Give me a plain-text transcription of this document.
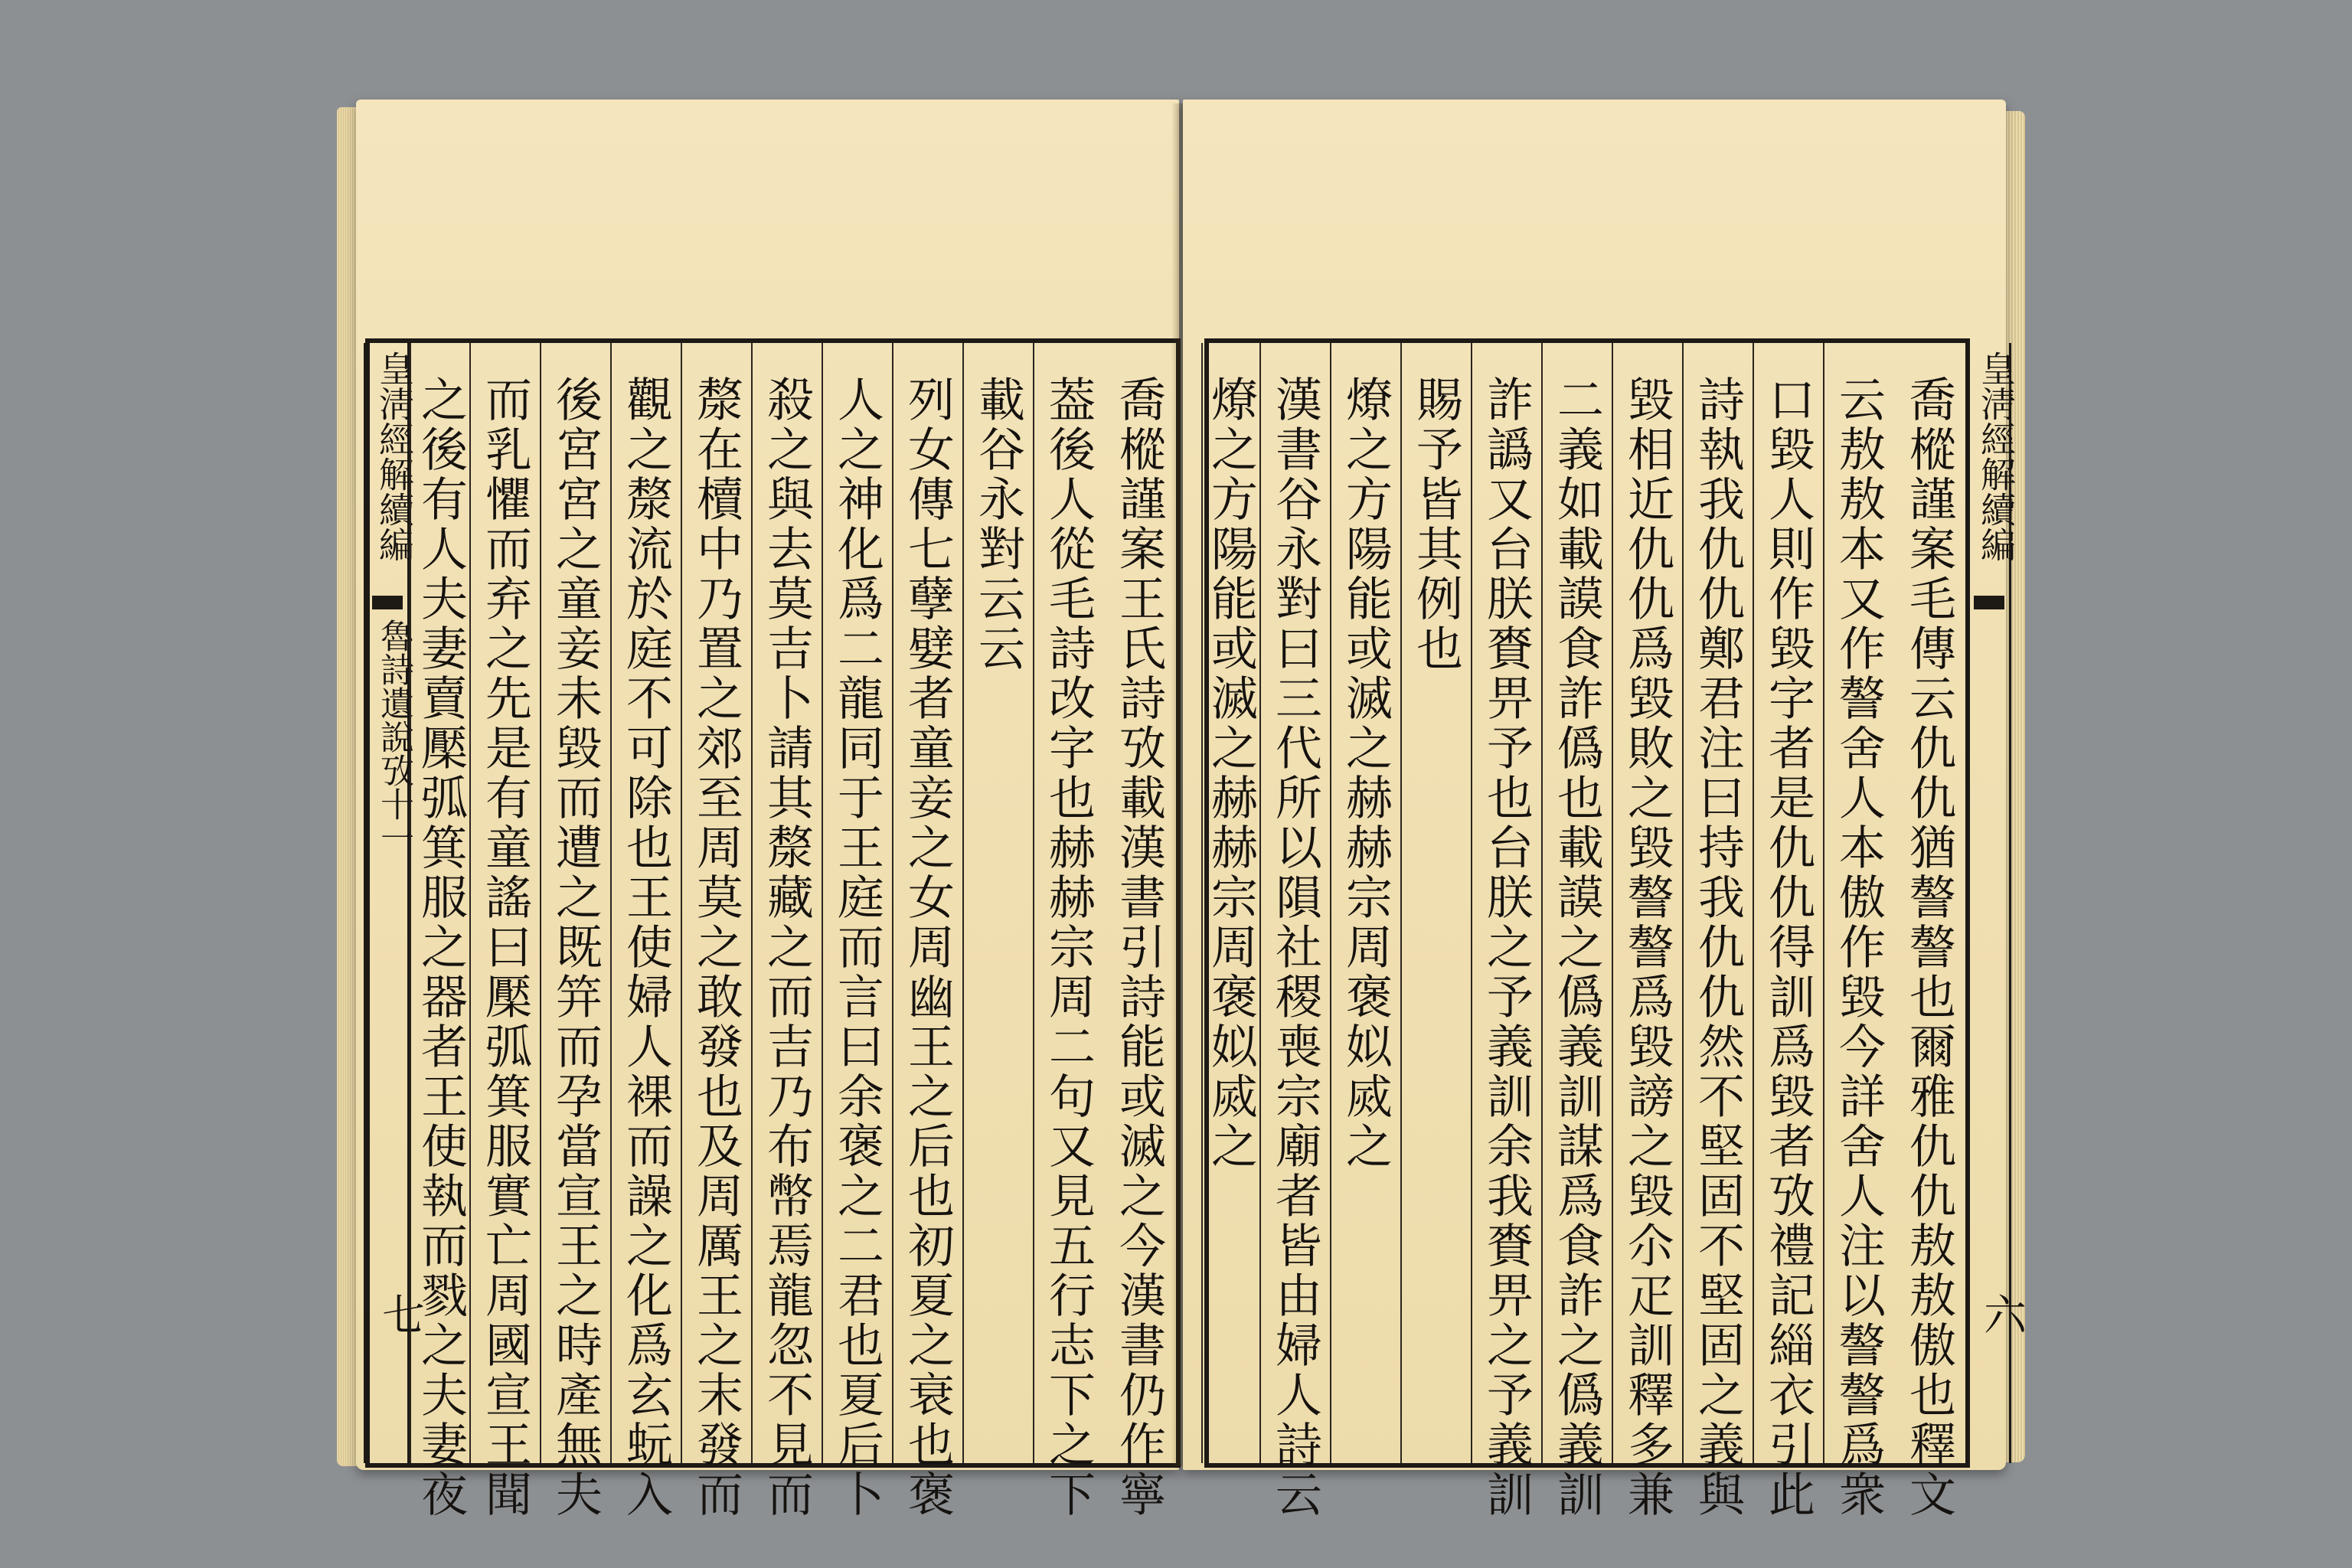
皇淸經解續編
魯詩遺說攷十一
七	喬樅謹案王氏詩攷載漢書引詩能或滅之今漢書仍作寧
葢後人從毛詩改字也赫赫宗周二句又見五行志下之下
載谷永對云云
列女傳七孽嬖者童妾之女周幽王之后也初夏之衰也褒
人之神化爲二龍同于王庭而言曰余褒之二君也夏后卜
殺之與去莫吉卜請其漦藏之而吉乃布幣焉龍忽不見而
漦在櫝中乃置之郊至周莫之敢發也及周厲王之末發而
觀之漦流於庭不可除也王使婦人裸而譟之化爲玄蚖入
後宮宮之童妾未毀而遭之既笄而孕當宣王之時產無夫
而乳懼而弃之先是有童謠曰檿弧箕服實亡周國宣王聞
之後有人夫妻賣檿弧箕服之器者王使執而戮之夫妻夜	喬樅謹案毛傳云仇仇猶謷謷也爾雅仇仇敖敖傲也釋文
云敖敖本又作謷舍人本傲作毀今詳舍人注以謷謷爲衆
口毀人則作毀字者是仇仇得訓爲毀者攷禮記緇衣引此
詩執我仇仇鄭君注曰持我仇仇然不堅固不堅固之義與
毀相近仇仇爲毀敗之毀謷謷爲毀謗之毀尒疋訓釋多兼
二義如載謨食詐僞也載謨之僞義訓謀爲食詐之僞義訓
詐譌又台朕賚畀予也台朕之予義訓余我賚畀之予義訓
賜予皆其例也
燎之方陽能或滅之赫赫宗周褒姒烕之
漢書谷永對曰三代所以隕社稷喪宗廟者皆由婦人詩云
燎之方陽能或滅之赫赫宗周褒姒烕之	皇淸經解續編
六
